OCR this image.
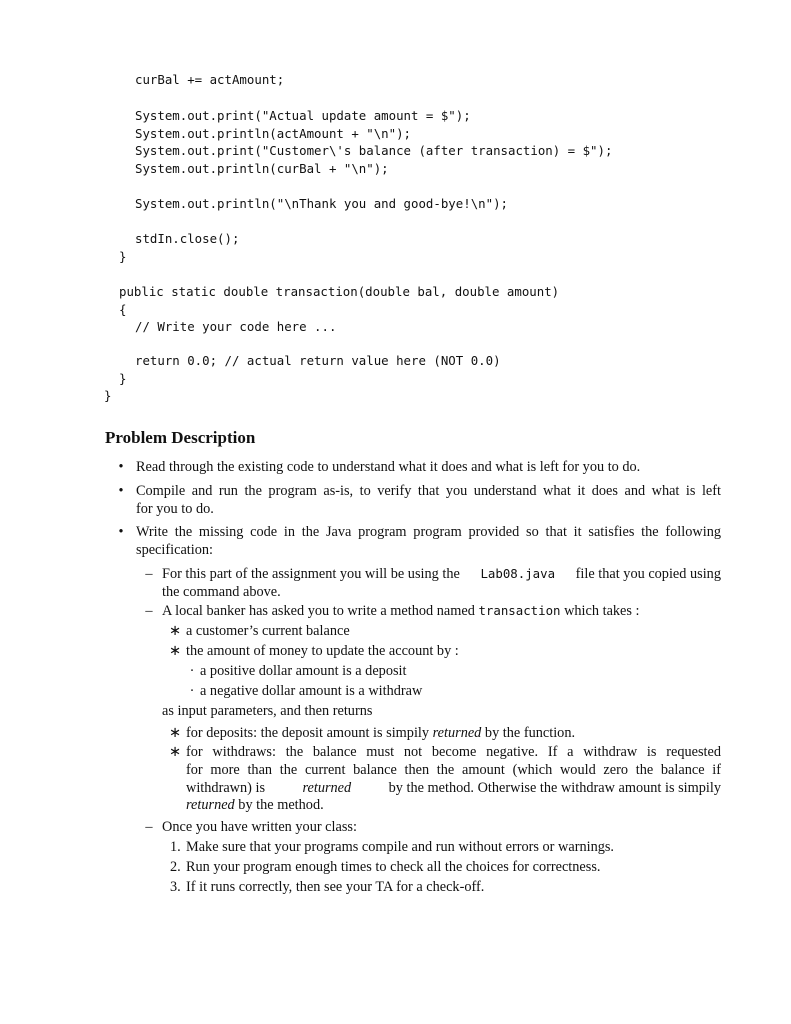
curBal += actAmount;
System.out.print("Actual update amount = $");
System.out.println(actAmount + "\n");
System.out.print("Customer\'s balance (after transaction) = $");
System.out.println(curBal + "\n");
System.out.println("\nThank you and good-bye!\n");
stdIn.close();
}
public static double transaction(double bal, double amount)
{
// Write your code here ...
return 0.0; // actual return value here (NOT 0.0)
}
}
Problem Description
• Read through the existing code to understand what it does and what is left for you to do.
• Compile and run the program as-is, to verify that you understand what it does and what is left
for you to do.
• Write the missing code in the Java program program provided so that it satisfies the following
specification:
– For this part of the assignment you will be using the Lab08.java file that you copied using
the command above.
– A local banker has asked you to write a method named transaction which takes :
∗ a customer’s current balance
∗ the amount of money to update the account by :
· a positive dollar amount is a deposit
· a negative dollar amount is a withdraw
as input parameters, and then returns
∗ for deposits: the deposit amount is simpily returned by the function.
∗ for withdraws: the balance must not become negative. If a withdraw is requested
for more than the current balance then the amount (which would zero the balance if
withdrawn) is	returned	by the method. Otherwise the withdraw amount is simpily
returned by the method.
– Once you have written your class:
1. Make sure that your programs compile and run without errors or warnings.
2. Run your program enough times to check all the choices for correctness.
3. If it runs correctly, then see your TA for a check-off.
